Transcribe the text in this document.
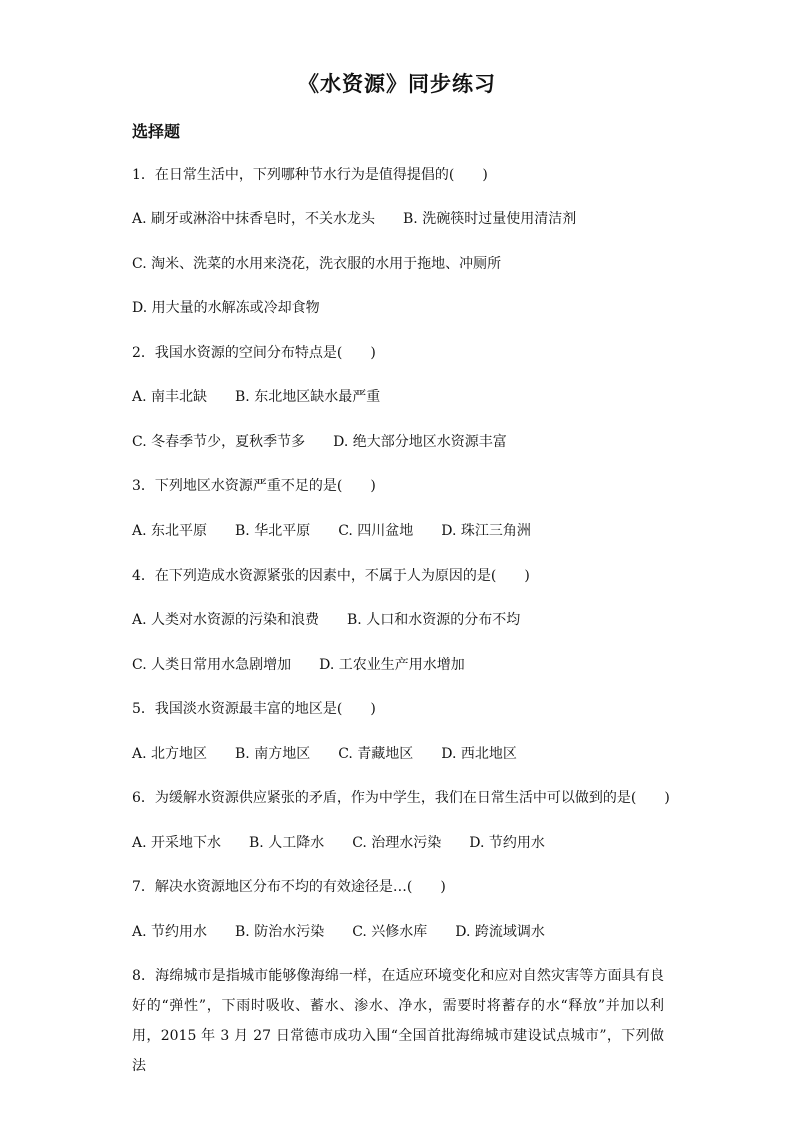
《水资源》同步练习
选择题
1．在日常生活中，下列哪种节水行为是值得提倡的(　　)
A. 刷牙或淋浴中抹香皂时，不关水龙头　　B. 洗碗筷时过量使用清洁剂
C. 淘米、洗菜的水用来浇花，洗衣服的水用于拖地、冲厕所
D. 用大量的水解冻或冷却食物
2．我国水资源的空间分布特点是(　　)
A. 南丰北缺　　B. 东北地区缺水最严重
C. 冬春季节少，夏秋季节多　　D. 绝大部分地区水资源丰富
3．下列地区水资源严重不足的是(　　)
A. 东北平原　　B. 华北平原　　C. 四川盆地　　D. 珠江三角洲
4．在下列造成水资源紧张的因素中，不属于人为原因的是(　　)
A. 人类对水资源的污染和浪费　　B. 人口和水资源的分布不均
C. 人类日常用水急剧增加　　D. 工农业生产用水增加
5．我国淡水资源最丰富的地区是(　　)
A. 北方地区　　B. 南方地区　　C. 青藏地区　　D. 西北地区
6．为缓解水资源供应紧张的矛盾，作为中学生，我们在日常生活中可以做到的是(　　)
A. 开采地下水　　B. 人工降水　　C. 治理水污染　　D. 节约用水
7．解决水资源地区分布不均的有效途径是…(　　)
A. 节约用水　　B. 防治水污染　　C. 兴修水库　　D. 跨流域调水
8．海绵城市是指城市能够像海绵一样，在适应环境变化和应对自然灾害等方面具有良好的“弹性”，下雨时吸收、蓄水、渗水、净水，需要时将蓄存的水“释放”并加以利用，2015 年 3 月 27 日常德市成功入围“全国首批海绵城市建设试点城市”，下列做法
